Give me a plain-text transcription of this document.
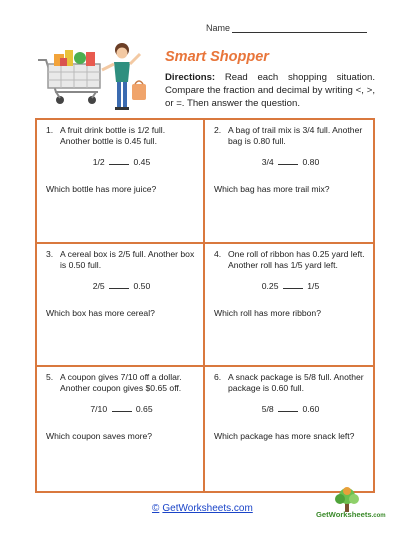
Name
Smart Shopper
Directions: Read each shopping situation. Compare the fraction and decimal by writing <, >, or =. Then answer the question.
1. A fruit drink bottle is 1/2 full. Another bottle is 0.45 full.
1/2	0.45
Which bottle has more juice?
2. A bag of trail mix is 3/4 full. Another bag is 0.80 full.
3/4	0.80
Which bag has more trail mix?
3. A cereal box is 2/5 full. Another box is 0.50 full.
2/5	0.50
Which box has more cereal?
4. One roll of ribbon has 0.25 yard left. Another roll has 1/5 yard left.
0.25	1/5
Which roll has more ribbon?
5. A coupon gives 7/10 off a dollar. Another coupon gives $0.65 off.
7/10	0.65
Which coupon saves more?
6. A snack package is 5/8 full. Another package is 0.60 full.
5/8	0.60
Which package has more snack left?
© GetWorksheets.com
GetWorksheets.com
